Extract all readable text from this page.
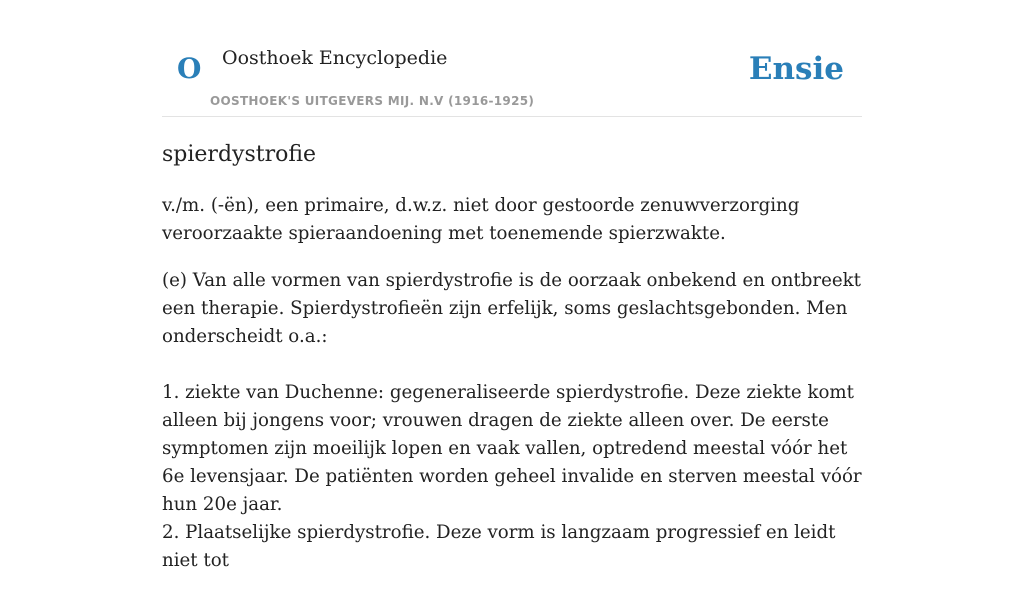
O Oosthoek Encyclopedie
OOSTHOEK'S UITGEVERS MIJ. N.V (1916-1925)
Ensie
spierdystrofie

v./m. (-ën), een primaire, d.w.z. niet door gestoorde zenuwverzorging veroorzaakte spieraandoening met toenemende spierzwakte.

(e) Van alle vormen van spierdystrofie is de oorzaak onbekend en ontbreekt een therapie. Spierdystrofieën zijn erfelijk, soms geslachtsgebonden. Men onderscheidt o.a.:

1. ziekte van Duchenne: gegeneraliseerde spierdystrofie. Deze ziekte komt alleen bij jongens voor; vrouwen dragen de ziekte alleen over. De eerste symptomen zijn moeilijk lopen en vaak vallen, optredend meestal vóór het 6e levensjaar. De patiënten worden geheel invalide en sterven meestal vóór hun 20e jaar.
2. Plaatselijke spierdystrofie. Deze vorm is langzaam progressief en leidt niet tot
